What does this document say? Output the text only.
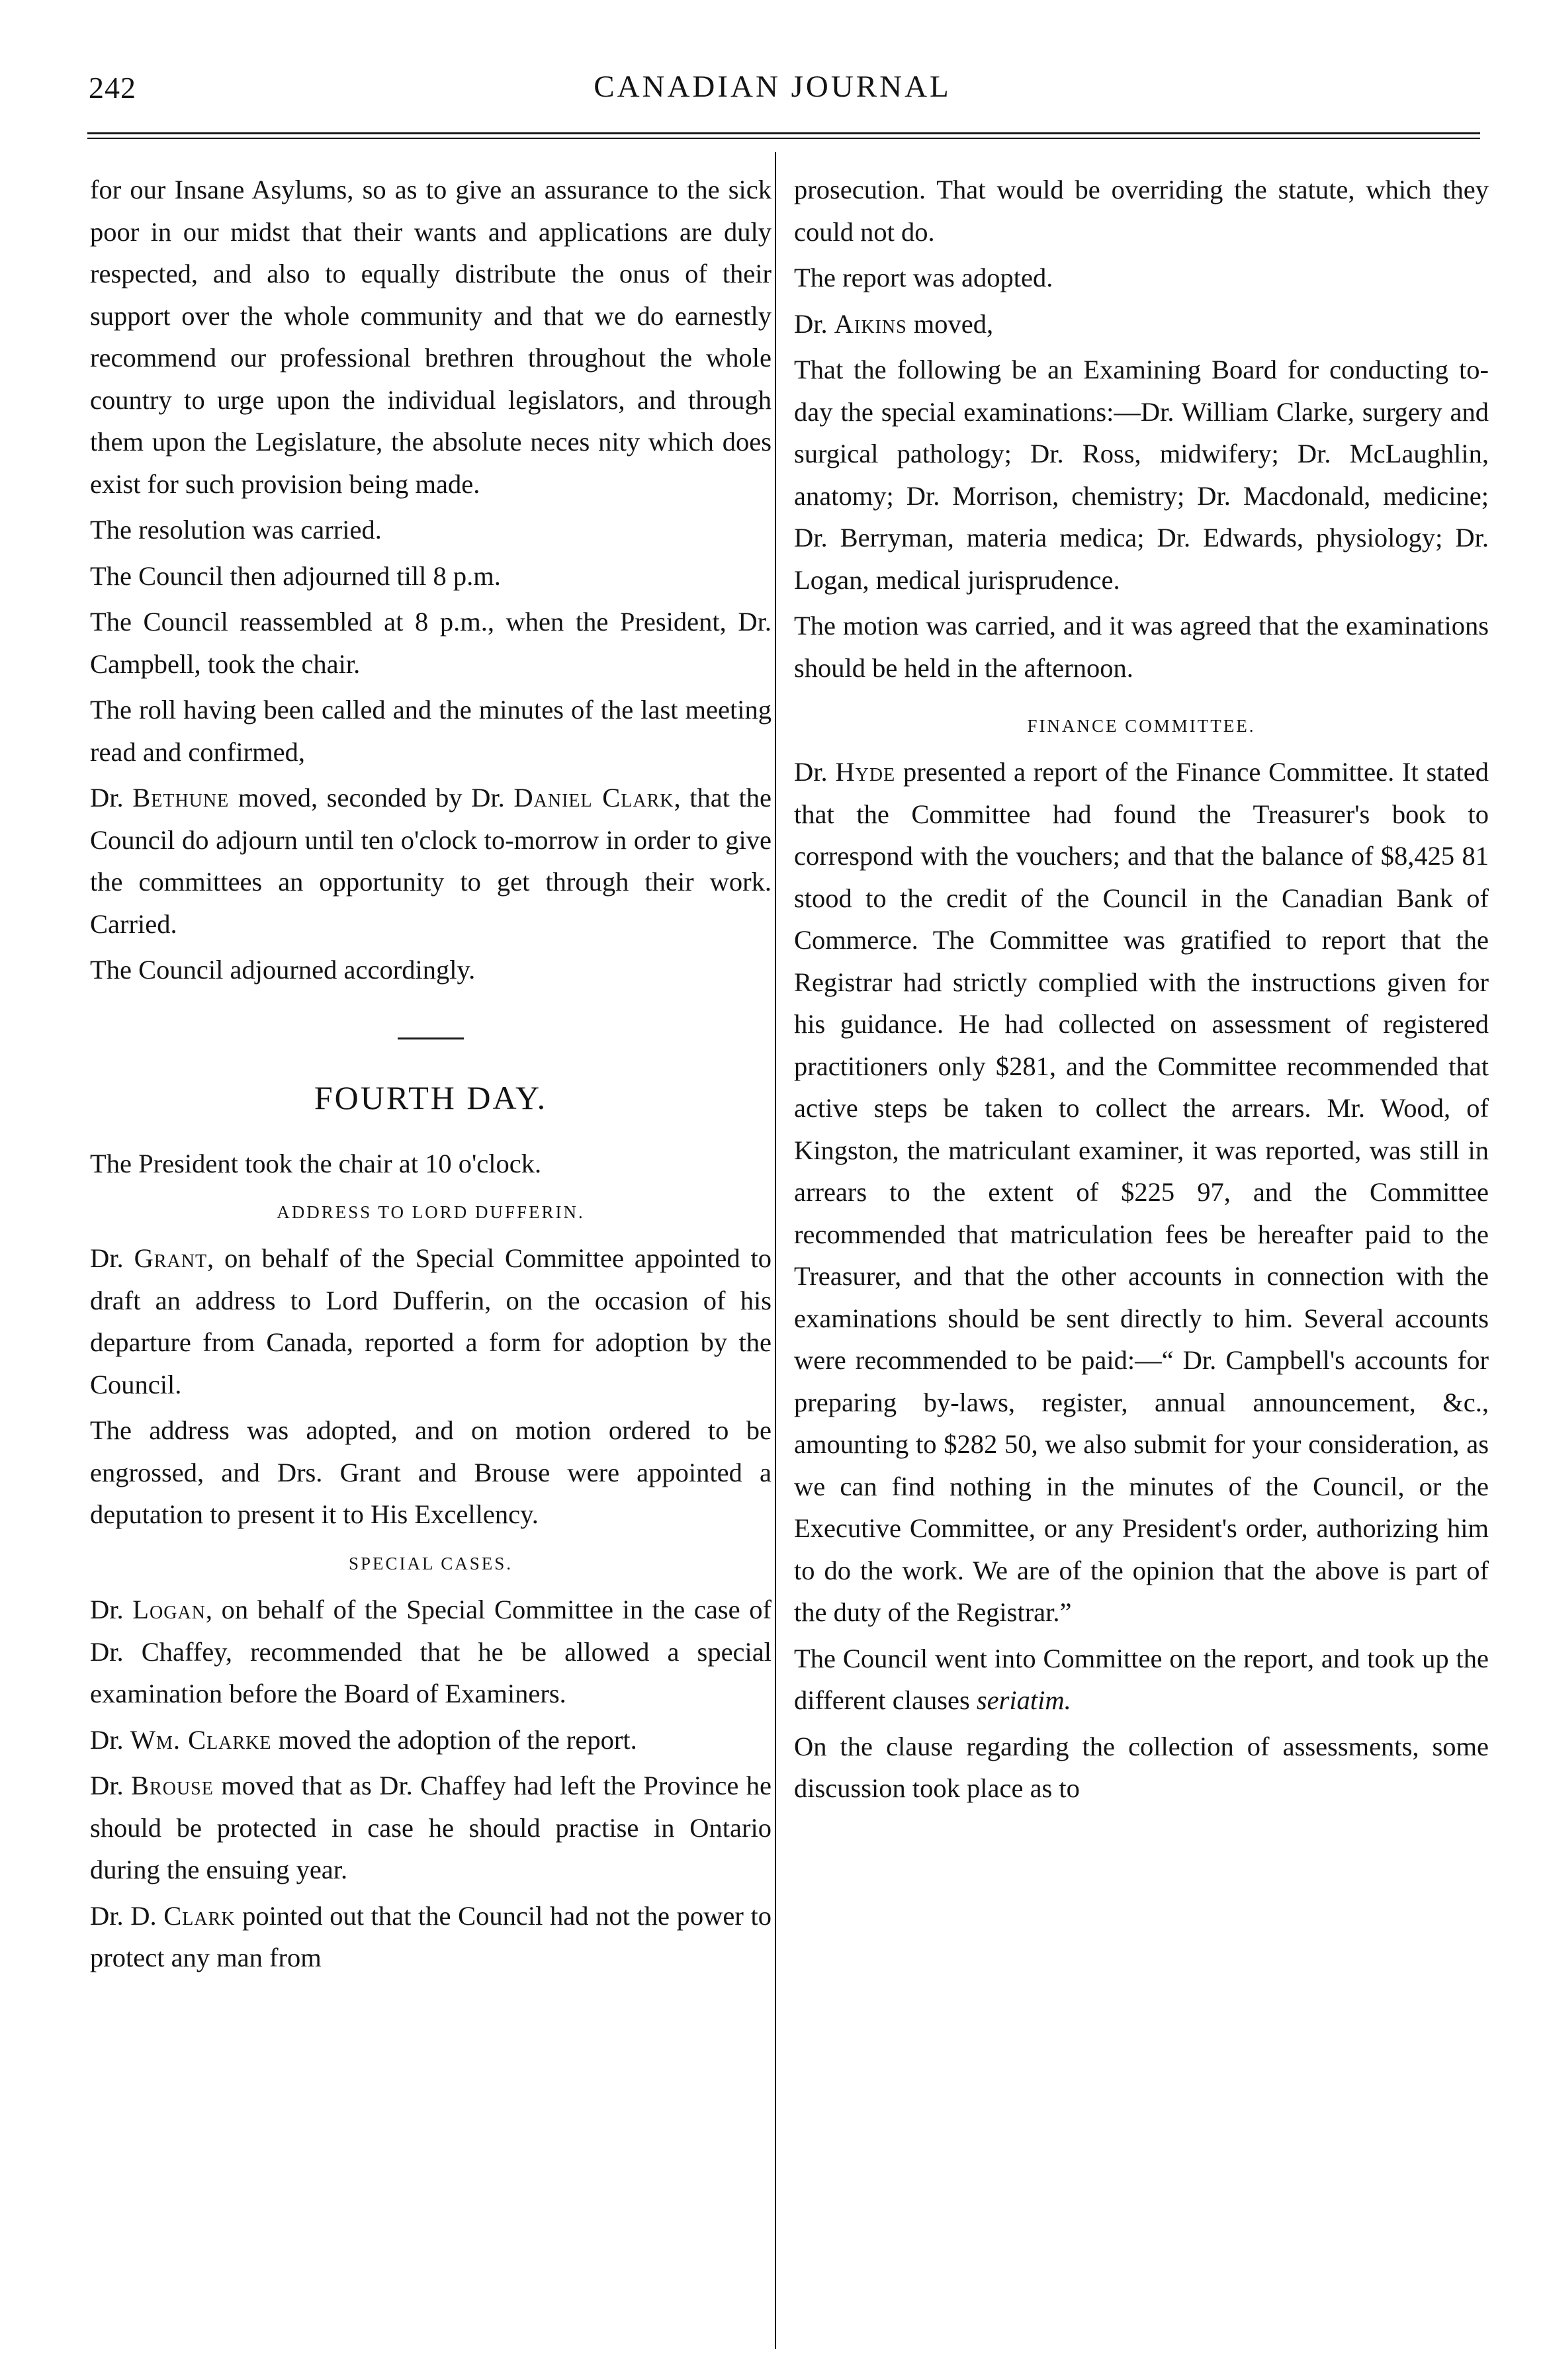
242	CANADIAN JOURNAL

for our Insane Asylums, so as to give an assurance to the sick poor in our midst that their wants and applications are duly respected, and also to equally distribute the onus of their support over the whole community and that we do earnestly recommend our professional brethren throughout the whole country to urge upon the individual legislators, and through them upon the Legislature, the absolute neces nity which does exist for such provision being made.

The resolution was carried.

The Council then adjourned till 8 p.m.

The Council reassembled at 8 p.m., when the President, Dr. Campbell, took the chair.

The roll having been called and the minutes of the last meeting read and confirmed,

Dr. Bethune moved, seconded by Dr. Daniel Clark, that the Council do adjourn until ten o'clock to-morrow in order to give the committees an opportunity to get through their work. Carried.

The Council adjourned accordingly.

FOURTH DAY.

The President took the chair at 10 o'clock.

ADDRESS TO LORD DUFFERIN.

Dr. Grant, on behalf of the Special Committee appointed to draft an address to Lord Dufferin, on the occasion of his departure from Canada, reported a form for adoption by the Council.

The address was adopted, and on motion ordered to be engrossed, and Drs. Grant and Brouse were appointed a deputation to present it to His Excellency.

SPECIAL CASES.

Dr. Logan, on behalf of the Special Committee in the case of Dr. Chaffey, recommended that he be allowed a special examination before the Board of Examiners.

Dr. Wm. Clarke moved the adoption of the report.

Dr. Brouse moved that as Dr. Chaffey had left the Province he should be protected in case he should practise in Ontario during the ensuing year.

Dr. D. Clark pointed out that the Council had not the power to protect any man from

prosecution. That would be overriding the statute, which they could not do.

The report was adopted.

Dr. Aikins moved,

That the following be an Examining Board for conducting to-day the special examinations:—Dr. William Clarke, surgery and surgical pathology; Dr. Ross, midwifery; Dr. McLaughlin, anatomy; Dr. Morrison, chemistry; Dr. Macdonald, medicine; Dr. Berryman, materia medica; Dr. Edwards, physiology; Dr. Logan, medical jurisprudence.

The motion was carried, and it was agreed that the examinations should be held in the afternoon.

FINANCE COMMITTEE.

Dr. Hyde presented a report of the Finance Committee. It stated that the Committee had found the Treasurer's book to correspond with the vouchers; and that the balance of $8,425 81 stood to the credit of the Council in the Canadian Bank of Commerce. The Committee was gratified to report that the Registrar had strictly complied with the instructions given for his guidance. He had collected on assessment of registered practitioners only $281, and the Committee recommended that active steps be taken to collect the arrears. Mr. Wood, of Kingston, the matriculant examiner, it was reported, was still in arrears to the extent of $225 97, and the Committee recommended that matriculation fees be hereafter paid to the Treasurer, and that the other accounts in connection with the examinations should be sent directly to him. Several accounts were recommended to be paid:—“ Dr. Campbell's accounts for preparing by-laws, register, annual announcement, &c., amounting to $282 50, we also submit for your consideration, as we can find nothing in the minutes of the Council, or the Executive Committee, or any President's order, authorizing him to do the work. We are of the opinion that the above is part of the duty of the Registrar.”

The Council went into Committee on the report, and took up the different clauses seriatim.

On the clause regarding the collection of assessments, some discussion took place as to
